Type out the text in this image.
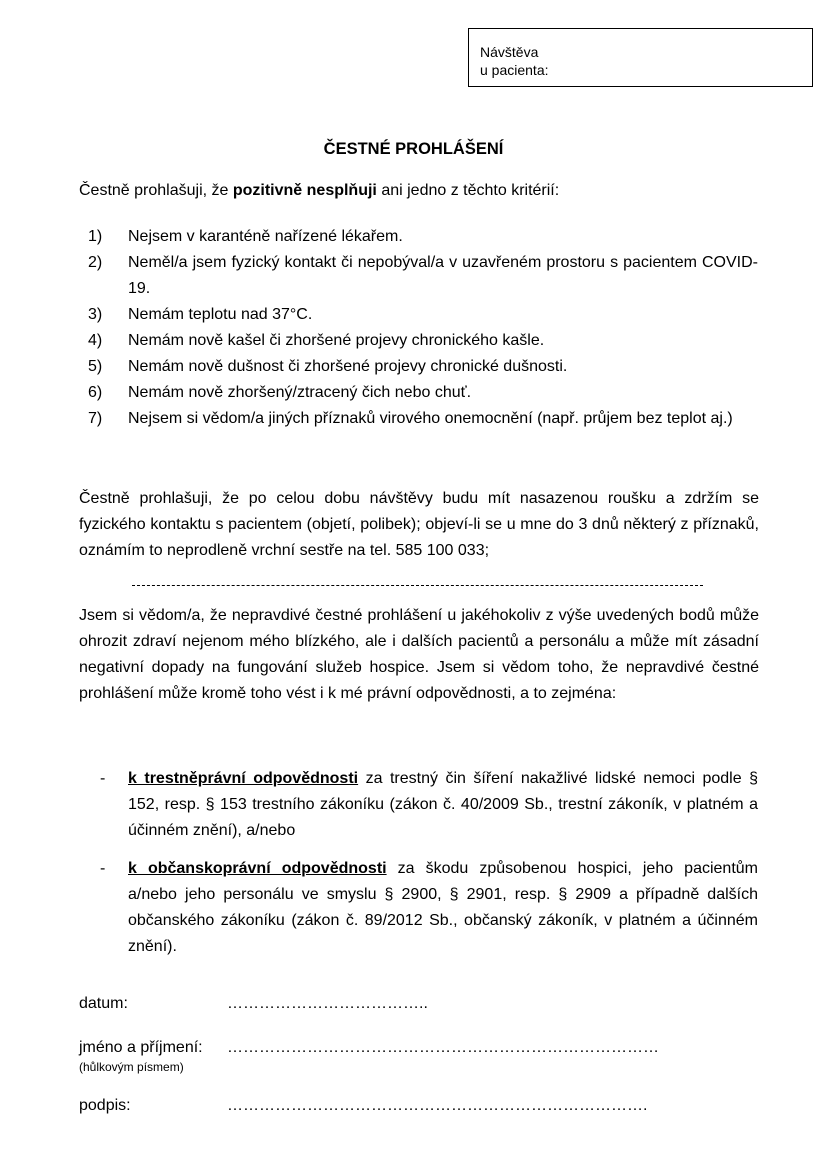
Návštěva
u pacienta:
ČESTNÉ PROHLÁŠENÍ
Čestně prohlašuji, že pozitivně nesplňuji ani jedno z těchto kritérií:
1)	Nejsem v karanténě nařízené lékařem.
2)	Neměl/a jsem fyzický kontakt či nepobýval/a v uzavřeném prostoru s pacientem COVID-19.
3)	Nemám teplotu nad 37°C.
4)	Nemám nově kašel či zhoršené projevy chronického kašle.
5)	Nemám nově dušnost či zhoršené projevy chronické dušnosti.
6)	Nemám nově zhoršený/ztracený čich nebo chuť.
7)	Nejsem si vědom/a jiných příznaků virového onemocnění (např. průjem bez teplot aj.)
Čestně prohlašuji, že po celou dobu návštěvy budu mít nasazenou roušku a zdržím se fyzického kontaktu s pacientem (objetí, polibek); objeví-li se u mne do 3 dnů některý z příznaků, oznámím to neprodleně vrchní sestře na tel. 585 100 033;
Jsem si vědom/a, že nepravdivé čestné prohlášení u jakéhokoliv z výše uvedených bodů může ohrozit zdraví nejenom mého blízkého, ale i dalších pacientů a personálu a může mít zásadní negativní dopady na fungování služeb hospice. Jsem si vědom toho, že nepravdivé čestné prohlášení může kromě toho vést i k mé právní odpovědnosti, a to zejména:
-	k trestněprávní odpovědnosti za trestný čin šíření nakažlivé lidské nemoci podle § 152, resp. § 153 trestního zákoníku (zákon č. 40/2009 Sb., trestní zákoník, v platném a účinném znění), a/nebo
-	k občanskoprávní odpovědnosti za škodu způsobenou hospici, jeho pacientům a/nebo jeho personálu ve smyslu § 2900, § 2901, resp. § 2909 a případně dalších občanského zákoníku (zákon č. 89/2012 Sb., občanský zákoník, v platném a účinném znění).
datum:	………………………………..
jméno a příjmení: ………………………………………………………………………
(hůlkovým písmem)
podpis:	…………………………………………………………………….
